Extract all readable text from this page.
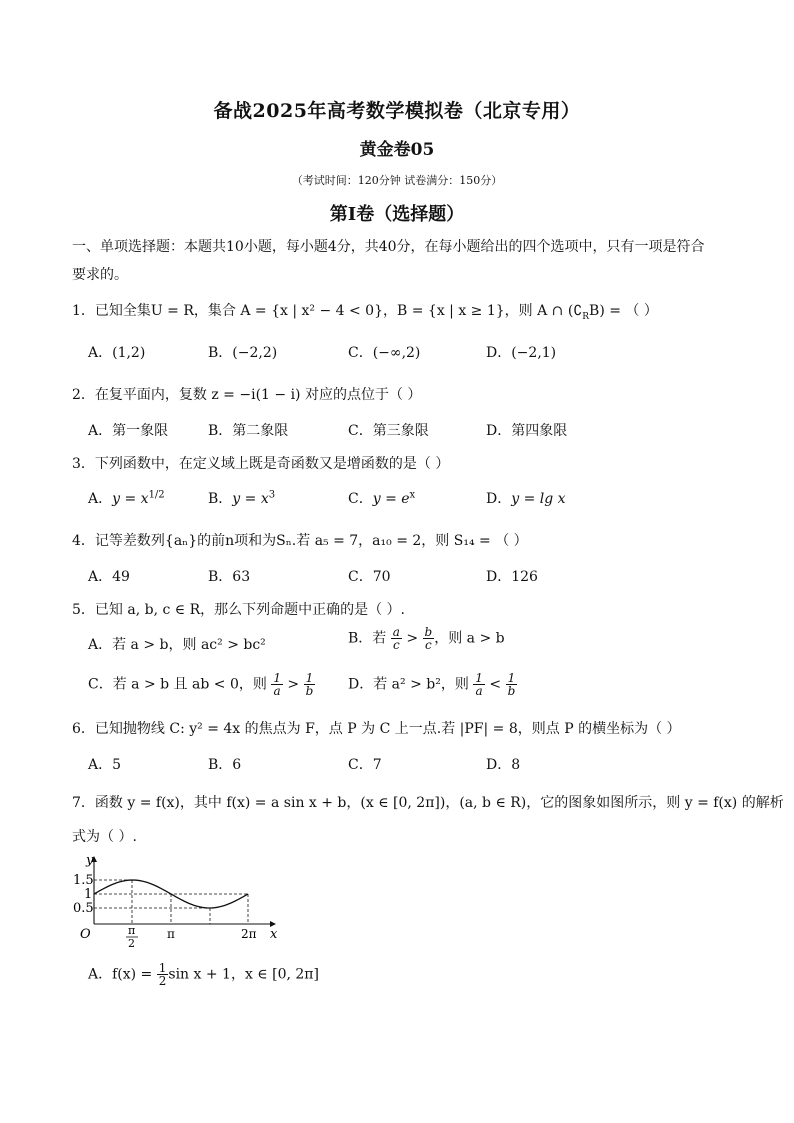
备战2025年高考数学模拟卷（北京专用）
黄金卷05
（考试时间：120分钟 试卷满分：150分）
第I卷（选择题）
一、单项选择题：本题共10小题，每小题4分，共40分，在每小题给出的四个选项中，只有一项是符合
要求的。
1．已知全集U = R，集合 A = {x | x² − 4 < 0}，B = {x | x ≥ 1}，则 A ∩ $(∁_RB)$ = （ ）
A．(1,2)	B．(−2,2)	C．(−∞,2)	D．(−2,1)
2．在复平面内，复数 z = −i(1 − i) 对应的点位于（ ）
A．第一象限	B．第二象限	C．第三象限	D．第四象限
3．下列函数中，在定义域上既是奇函数又是增函数的是（ ）
A．$y = x^{1/2}$	B．$y = x^3$	C．$y = e^x$	D．y = lg x
4．记等差数列{aₙ}的前n项和为Sₙ.若 a₅ = 7，a₁₀ = 2，则 S₁₄ = （ ）
A．49	B．63	C．70	D．126
5．已知 a, b, c ∈ R，那么下列命题中正确的是（ ）.
A．若 a > b，则 ac² > bc²	B．若 $\frac{a}{c} > \frac{b}{c}$ ，则 a > b
C．若 a > b 且 ab < 0，则 $\frac{1}{a} > \frac{1}{b}$ D．若 a² > b²，则 $\frac{1}{a} < \frac{1}{b}$
6．已知抛物线 C: y² = 4x 的焦点为 F，点 P 为 C 上一点.若 |PF| = 8，则点 P 的横坐标为（ ）
A．5	B．6	C．7	D．8
7．函数 y = f(x)，其中 f(x) = a sin x + b，(x ∈ [0, 2π])，(a, b ∈ R)，它的图象如图所示，则 y = f(x) 的解析
式为（ ）.
y
x
O
1.5
1
0.5
π
2
π	2π
A．$f(x) = \frac{1}{2}$ sin x + 1，x ∈ [0, 2π]
